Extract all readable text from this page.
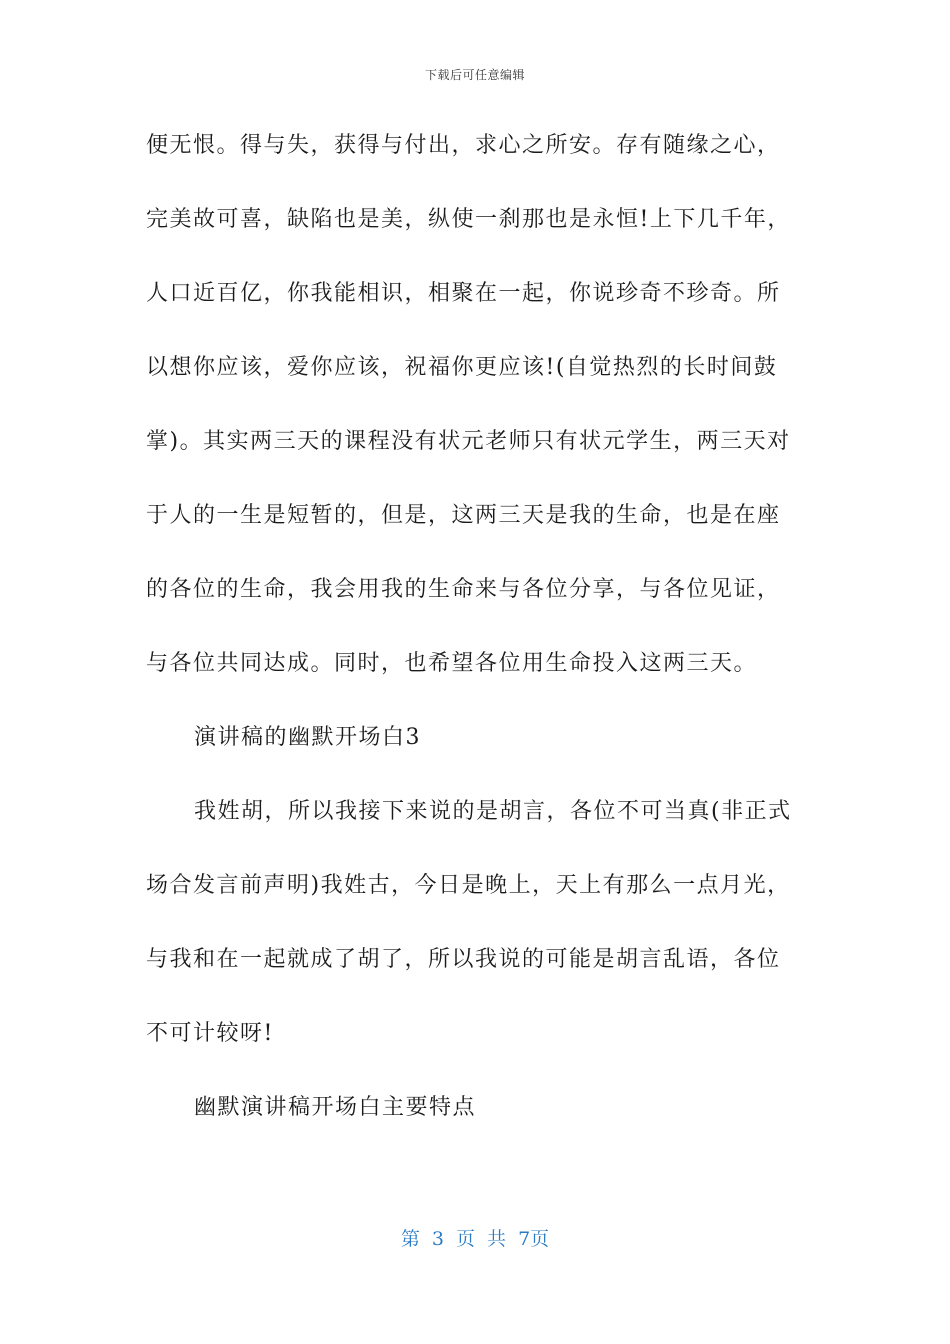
下载后可任意编辑
便无恨。得与失，获得与付出，求心之所安。存有随缘之心，
完美故可喜，缺陷也是美，纵使一刹那也是永恒!上下几千年，
人口近百亿，你我能相识，相聚在一起，你说珍奇不珍奇。所
以想你应该，爱你应该，祝福你更应该!(自觉热烈的长时间鼓
掌)。其实两三天的课程没有状元老师只有状元学生，两三天对
于人的一生是短暂的，但是，这两三天是我的生命，也是在座
的各位的生命，我会用我的生命来与各位分享，与各位见证，
与各位共同达成。同时，也希望各位用生命投入这两三天。
演讲稿的幽默开场白3
我姓胡，所以我接下来说的是胡言，各位不可当真(非正式
场合发言前声明)我姓古，今日是晚上，天上有那么一点月光，
与我和在一起就成了胡了，所以我说的可能是胡言乱语，各位
不可计较呀!
幽默演讲稿开场白主要特点
第 3 页 共 7页
